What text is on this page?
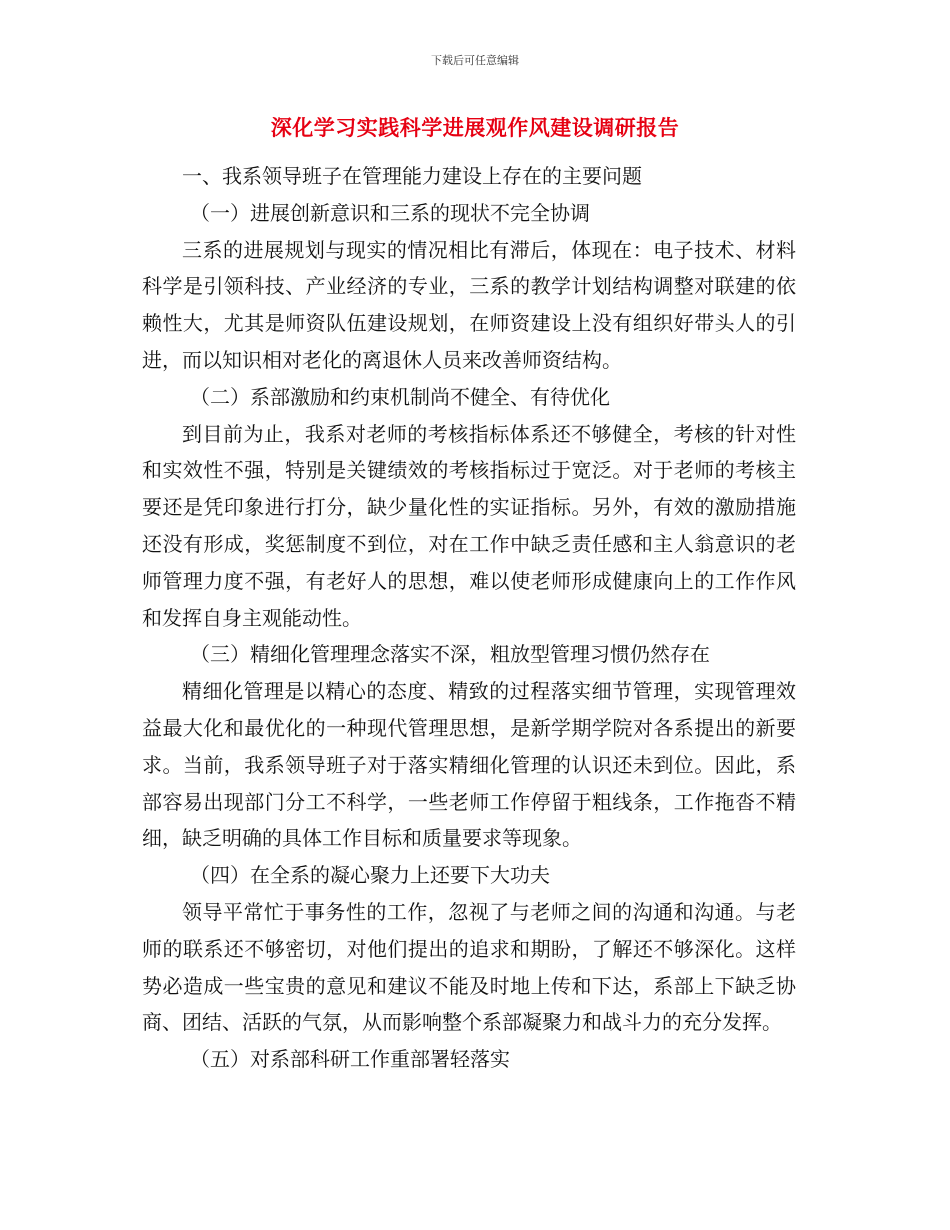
下载后可任意编辑
深化学习实践科学进展观作风建设调研报告

一、我系领导班子在管理能力建设上存在的主要问题

（一）进展创新意识和三系的现状不完全协调

三系的进展规划与现实的情况相比有滞后，体现在：电子技术、材料科学是引领科技、产业经济的专业，三系的教学计划结构调整对联建的依赖性大，尤其是师资队伍建设规划，在师资建设上没有组织好带头人的引进，而以知识相对老化的离退休人员来改善师资结构。

（二）系部激励和约束机制尚不健全、有待优化

到目前为止，我系对老师的考核指标体系还不够健全，考核的针对性和实效性不强，特别是关键绩效的考核指标过于宽泛。对于老师的考核主要还是凭印象进行打分，缺少量化性的实证指标。另外，有效的激励措施还没有形成，奖惩制度不到位，对在工作中缺乏责任感和主人翁意识的老师管理力度不强，有老好人的思想，难以使老师形成健康向上的工作作风和发挥自身主观能动性。

（三）精细化管理理念落实不深，粗放型管理习惯仍然存在

精细化管理是以精心的态度、精致的过程落实细节管理，实现管理效益最大化和最优化的一种现代管理思想，是新学期学院对各系提出的新要求。当前，我系领导班子对于落实精细化管理的认识还未到位。因此，系部容易出现部门分工不科学，一些老师工作停留于粗线条，工作拖沓不精细，缺乏明确的具体工作目标和质量要求等现象。

（四）在全系的凝心聚力上还要下大功夫

领导平常忙于事务性的工作，忽视了与老师之间的沟通和沟通。与老师的联系还不够密切，对他们提出的追求和期盼，了解还不够深化。这样势必造成一些宝贵的意见和建议不能及时地上传和下达，系部上下缺乏协商、团结、活跃的气氛，从而影响整个系部凝聚力和战斗力的充分发挥。

（五）对系部科研工作重部署轻落实
